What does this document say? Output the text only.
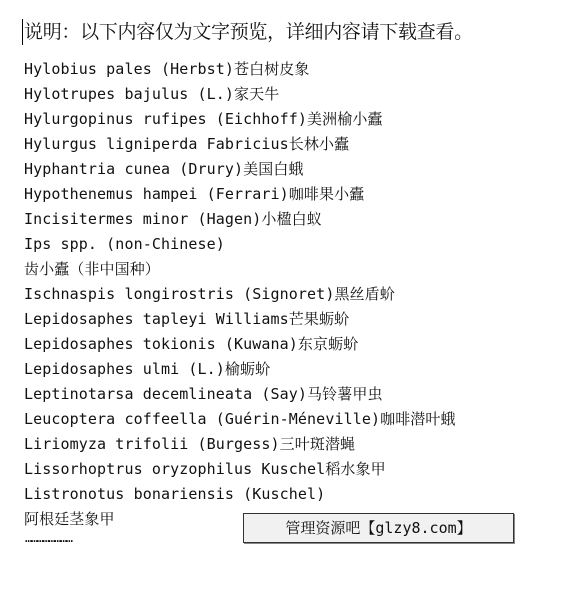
说明：以下内容仅为文字预览，详细内容请下载查看。
Hylobius pales (Herbst)苍白树皮象
Hylotrupes bajulus (L.)家天牛
Hylurgopinus rufipes (Eichhoff)美洲榆小蠹
Hylurgus ligniperda Fabricius长林小蠹
Hyphantria cunea (Drury)美国白蛾
Hypothenemus hampei (Ferrari)咖啡果小蠹
Incisitermes minor (Hagen)小楹白蚁
Ips spp. (non-Chinese)
齿小蠹（非中国种）
Ischnaspis longirostris (Signoret)黑丝盾蚧
Lepidosaphes tapleyi Williams芒果蛎蚧
Lepidosaphes tokionis (Kuwana)东京蛎蚧
Lepidosaphes ulmi (L.)榆蛎蚧
Leptinotarsa decemlineata (Say)马铃薯甲虫
Leucoptera coffeella (Guérin-Méneville)咖啡潜叶蛾
Liriomyza trifolii (Burgess)三叶斑潜蝇
Lissorhoptrus oryzophilus Kuschel稻水象甲
Listronotus bonariensis (Kuschel)
阿根廷茎象甲
……………………
管理资源吧【glzy8.com】
